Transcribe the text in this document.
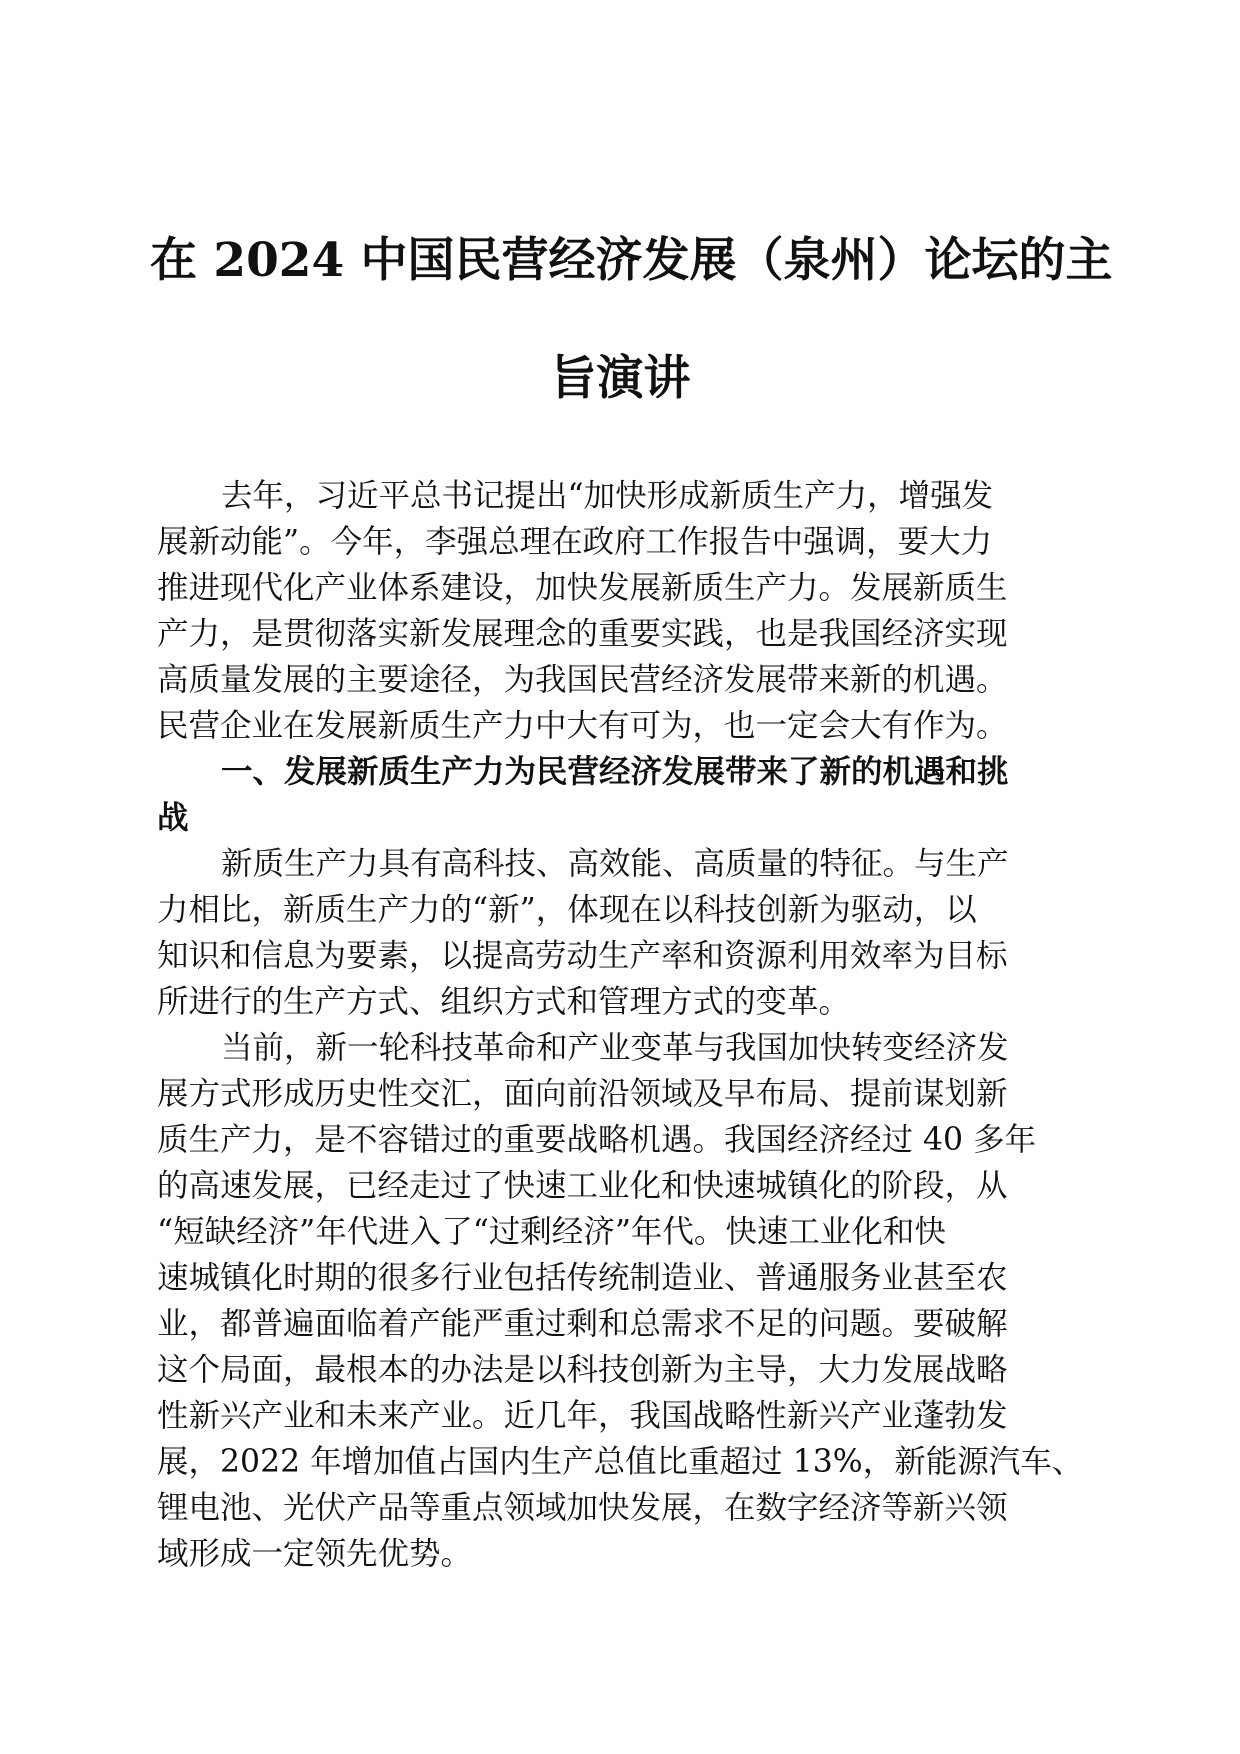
在 2024 中国民营经济发展（泉州）论坛的主
旨演讲

去年，习近平总书记提出“加快形成新质生产力，增强发

展新动能”。今年，李强总理在政府工作报告中强调，要大力

推进现代化产业体系建设，加快发展新质生产力。发展新质生

产力，是贯彻落实新发展理念的重要实践，也是我国经济实现

高质量发展的主要途径，为我国民营经济发展带来新的机遇。

民营企业在发展新质生产力中大有可为，也一定会大有作为。

一、发展新质生产力为民营经济发展带来了新的机遇和挑

战

新质生产力具有高科技、高效能、高质量的特征。与生产

力相比，新质生产力的“新”，体现在以科技创新为驱动，以

知识和信息为要素，以提高劳动生产率和资源利用效率为目标

所进行的生产方式、组织方式和管理方式的变革。

当前，新一轮科技革命和产业变革与我国加快转变经济发

展方式形成历史性交汇，面向前沿领域及早布局、提前谋划新

质生产力，是不容错过的重要战略机遇。我国经济经过 40 多年

的高速发展，已经走过了快速工业化和快速城镇化的阶段，从

“短缺经济”年代进入了“过剩经济”年代。快速工业化和快

速城镇化时期的很多行业包括传统制造业、普通服务业甚至农

业，都普遍面临着产能严重过剩和总需求不足的问题。要破解

这个局面，最根本的办法是以科技创新为主导，大力发展战略

性新兴产业和未来产业。近几年，我国战略性新兴产业蓬勃发

展，2022 年增加值占国内生产总值比重超过 13%，新能源汽车、

锂电池、光伏产品等重点领域加快发展，在数字经济等新兴领

域形成一定领先优势。
